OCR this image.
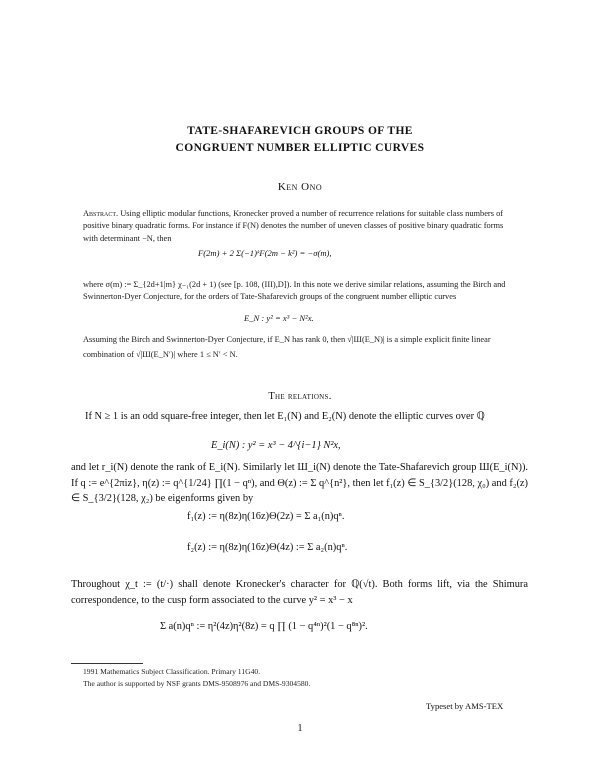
TATE-SHAFAREVICH GROUPS OF THE
CONGRUENT NUMBER ELLIPTIC CURVES
Ken Ono
Abstract. Using elliptic modular functions, Kronecker proved a number of recurrence relations for suitable class numbers of positive binary quadratic forms. For instance if F(N) denotes the number of uneven classes of positive binary quadratic forms with determinant −N, then
F(2m) + 2 Σ(−1)ᵏF(2m − k²) = −σ(m),
where σ(m) := Σ_{2d+1|m} χ₋₁(2d + 1) (see [p. 108, (III),D]). In this note we derive similar relations, assuming the Birch and Swinnerton-Dyer Conjecture, for the orders of Tate-Shafarevich groups of the congruent number elliptic curves
E_N : y² = x³ − N²x.
Assuming the Birch and Swinnerton-Dyer Conjecture, if E_N has rank 0, then √|Ш(E_N)| is a simple explicit finite linear combination of √|Ш(E_N′)| where 1 ≤ N′ < N.
The relations.
If N ≥ 1 is an odd square-free integer, then let E₁(N) and E₂(N) denote the elliptic curves over ℚ
E_i(N) : y² = x³ − 4^{i−1} N²x,
and let r_i(N) denote the rank of E_i(N). Similarly let Ш_i(N) denote the Tate-Shafarevich group Ш(E_i(N)). If q := e^{2πiz}, η(z) := q^{1/24} ∏(1 − qⁿ), and Θ(z) := Σ q^{n²}, then let f₁(z) ∈ S_{3/2}(128, χ₀) and f₂(z) ∈ S_{3/2}(128, χ₂) be eigenforms given by
f₁(z) := η(8z)η(16z)Θ(2z) = Σ a₁(n)qⁿ.
f₂(z) := η(8z)η(16z)Θ(4z) := Σ a₂(n)qⁿ.
Throughout χ_t := (t/·) shall denote Kronecker's character for ℚ(√t). Both forms lift, via the Shimura correspondence, to the cusp form associated to the curve y² = x³ − x
Σ a(n)qⁿ := η²(4z)η²(8z) = q ∏ (1 − q⁴ⁿ)²(1 − q⁸ⁿ)².
1991 Mathematics Subject Classification. Primary 11G40.
The author is supported by NSF grants DMS-9508976 and DMS-9304580.
Typeset by AMS-TEX
1
